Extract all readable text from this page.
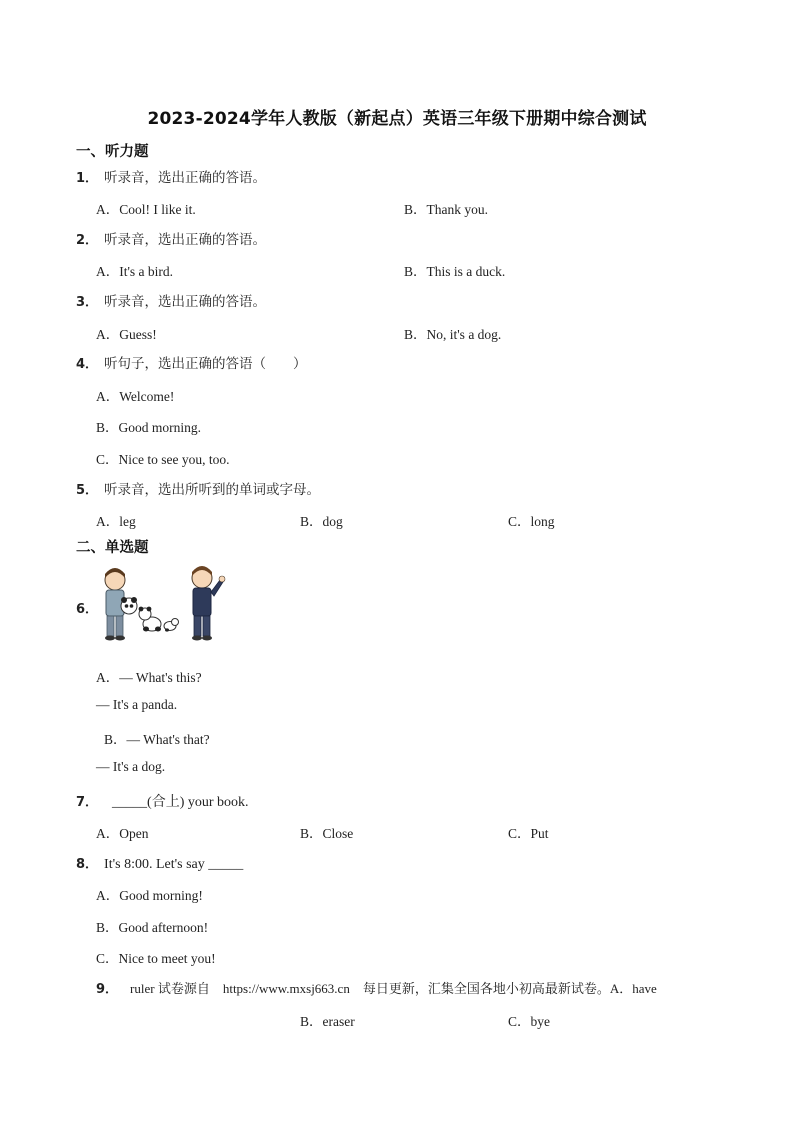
2023-2024学年人教版（新起点）英语三年级下册期中综合测试
一、听力题
1． 听录音，选出正确的答语。
A．Cool! I like it.	B．Thank you.
2． 听录音，选出正确的答语。
A．It's a bird.	B．This is a duck.
3． 听录音，选出正确的答语。
A．Guess!	B．No, it's a dog.
4． 听句子，选出正确的答语（　　）
A．Welcome!
B．Good morning.
C．Nice to see you, too.
5． 听录音，选出所听到的单词或字母。
A．leg	B．dog	C．long
二、单选题
6．
A．— What's this?
— It's a panda.
B．— What's that?
— It's a dog.
7． _____(合上) your book.
A．Open	B．Close	C．Put
8． It's 8:00. Let's say _____
A．Good morning!
B．Good afternoon!
C．Nice to meet you!
9． ruler 试卷源自　https://www.mxsj663.cn　每日更新，汇集全国各地小初高最新试卷。A．have
B．eraser	C．bye
